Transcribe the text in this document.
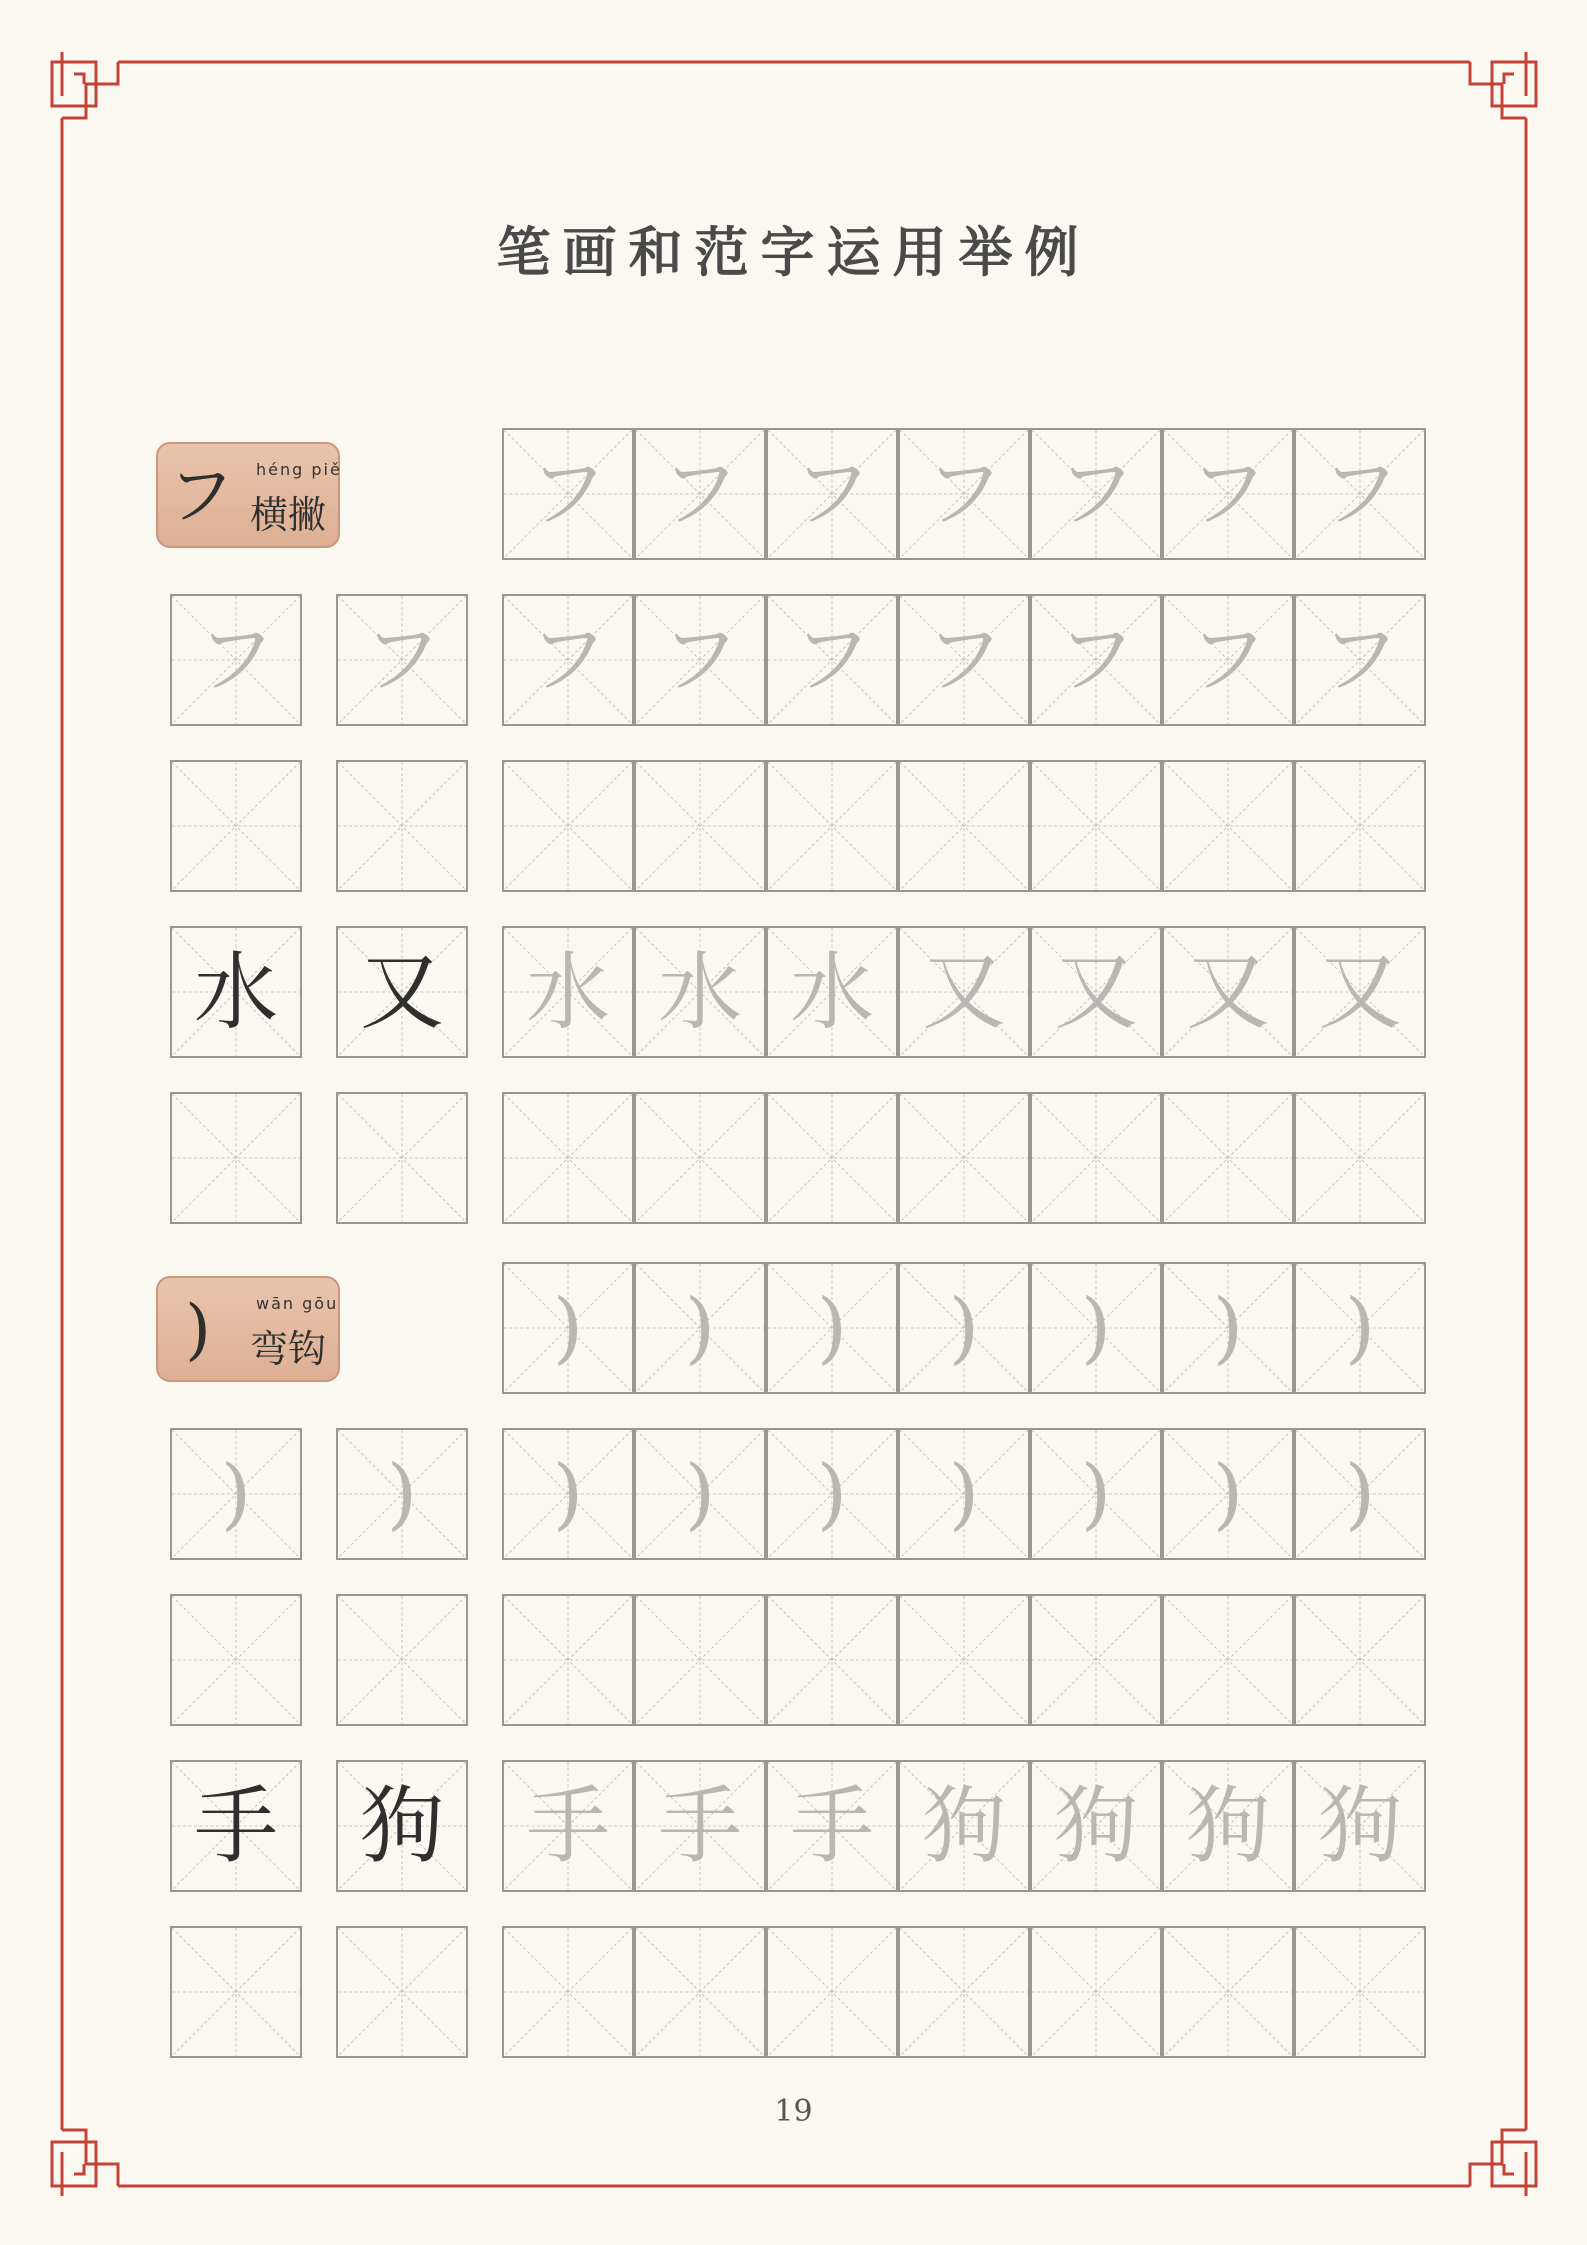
笔画和范字运用举例
フ héng piě
横撇	フ フ フ フ フ フ フ
フ	フ	フ フ フ フ フ フ フ
水 又 水 水 水 又 又 又 又
)	wān gōu
弯钩	)	)	)	)	)	)	)
)	)	)	)	)	)	)	)	)
手 狗 手 手 手 狗 狗 狗 狗
19
